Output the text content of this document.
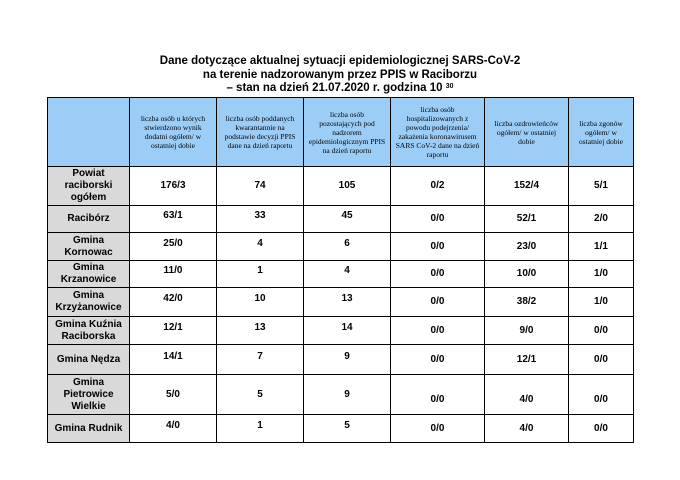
Dane dotyczące aktualnej sytuacji epidemiologicznej SARS-CoV-2
na terenie nadzorowanym przez PPIS w Raciborzu
– stan na dzień 21.07.2020 r. godzina 10 $^{30}$
	liczba osób u których stwierdzono wynik dodatni ogółem/ w ostatniej dobie	liczba osób poddanych kwarantannie na podstawie decyzji PPIS dane na dzień raportu	liczba osób pozostających pod nadzorem epidemiologicznym PPIS na dzień raportu	liczba osób hospitalizowanych z powodu podejrzenia/ zakażenia koronawirusem SARS CoV-2 dane na dzień raportu	liczba ozdrowieńców ogółem/ w ostatniej dobie	liczba zgonów ogółem/ w ostatniej dobie
Powiat raciborski ogółem	176/3	74	105	0/2	152/4	5/1
Racibórz	63/1	33	45	0/0	52/1	2/0
Gmina Kornowac	25/0	4	6	0/0	23/0	1/1
Gmina Krzanowice	11/0	1	4	0/0	10/0	1/0
Gmina Krzyżanowice	42/0	10	13	0/0	38/2	1/0
Gmina Kuźnia Raciborska	12/1	13	14	0/0	9/0	0/0
Gmina Nędza	14/1	7	9	0/0	12/1	0/0
Gmina Pietrowice Wielkie	5/0	5	9	0/0	4/0	0/0
Gmina Rudnik	4/0	1	5	0/0	4/0	0/0
